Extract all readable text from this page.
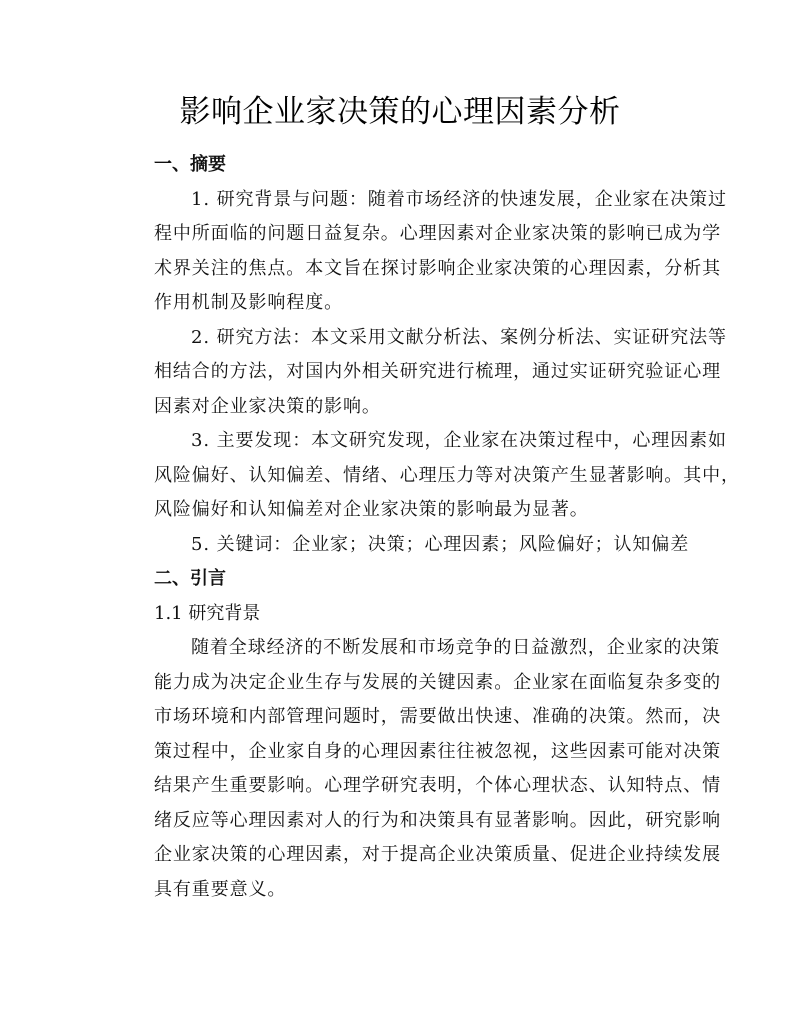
影响企业家决策的心理因素分析
一、摘要
1. 研究背景与问题：随着市场经济的快速发展，企业家在决策过
程中所面临的问题日益复杂。心理因素对企业家决策的影响已成为学
术界关注的焦点。本文旨在探讨影响企业家决策的心理因素，分析其
作用机制及影响程度。
2. 研究方法：本文采用文献分析法、案例分析法、实证研究法等
相结合的方法，对国内外相关研究进行梳理，通过实证研究验证心理
因素对企业家决策的影响。
3. 主要发现：本文研究发现，企业家在决策过程中，心理因素如
风险偏好、认知偏差、情绪、心理压力等对决策产生显著影响。其中，
风险偏好和认知偏差对企业家决策的影响最为显著。
5. 关键词：企业家；决策；心理因素；风险偏好；认知偏差
二、引言
1.1 研究背景
随着全球经济的不断发展和市场竞争的日益激烈，企业家的决策
能力成为决定企业生存与发展的关键因素。企业家在面临复杂多变的
市场环境和内部管理问题时，需要做出快速、准确的决策。然而，决
策过程中，企业家自身的心理因素往往被忽视，这些因素可能对决策
结果产生重要影响。心理学研究表明，个体心理状态、认知特点、情
绪反应等心理因素对人的行为和决策具有显著影响。因此，研究影响
企业家决策的心理因素，对于提高企业决策质量、促进企业持续发展
具有重要意义。
